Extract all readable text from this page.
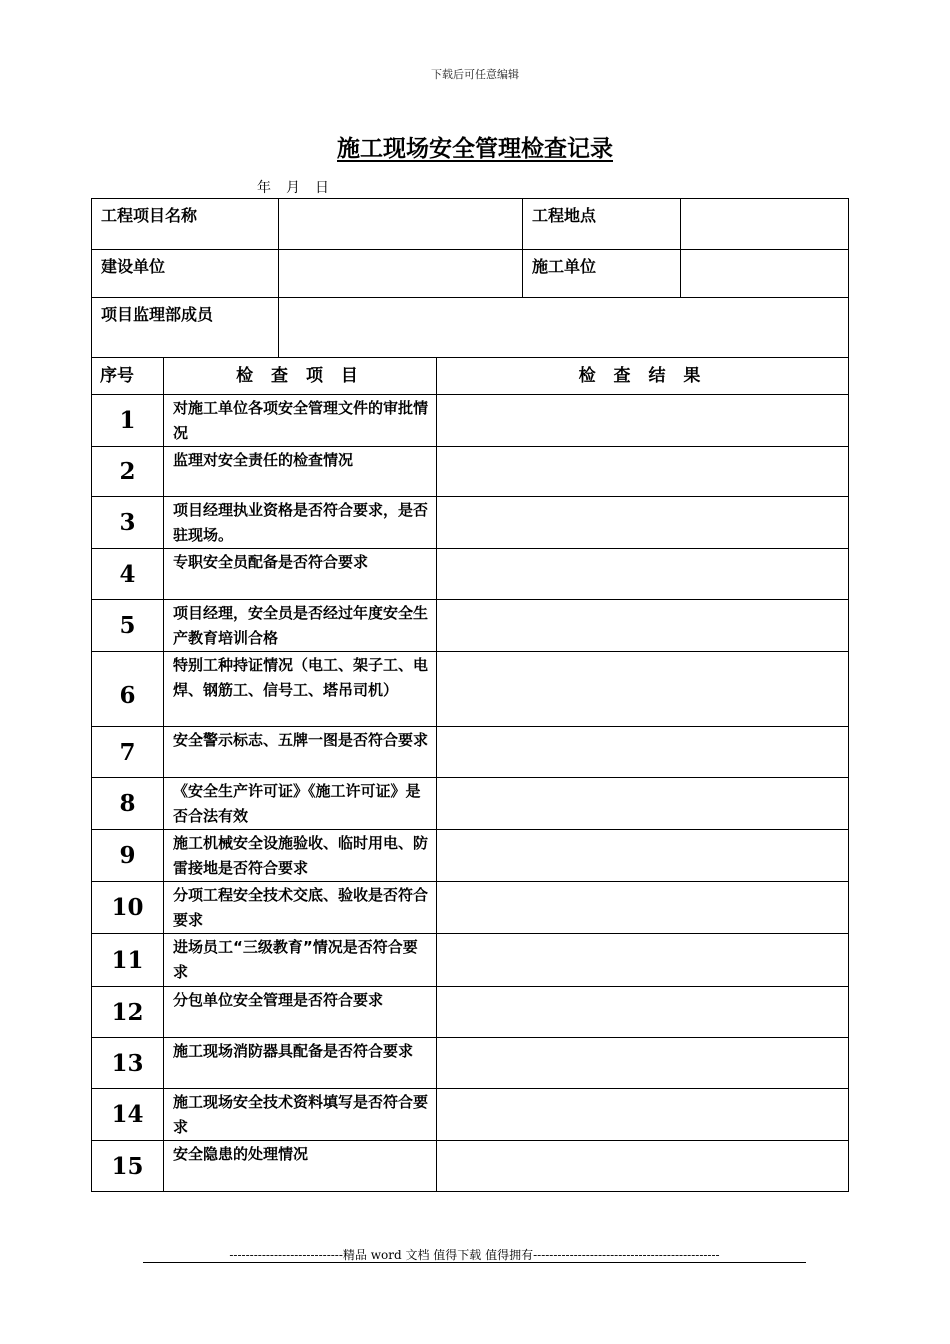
下载后可任意编辑
施工现场安全管理检查记录
年 月 日
工程项目名称				工程地点	
建设单位				施工单位	
项目监理部成员					
序号	检 查 项 目		检 查 结 果		
1	对施工单位各项安全管理文件的审批情况				
2	监理对安全责任的检查情况				
3	项目经理执业资格是否符合要求，是否驻现场。				
4	专职安全员配备是否符合要求				
5	项目经理，安全员是否经过年度安全生产教育培训合格				
6	特别工种持证情况（电工、架子工、电焊、钢筋工、信号工、塔吊司机）				
7	安全警示标志、五牌一图是否符合要求				
8	《安全生产许可证》《施工许可证》是否合法有效				
9	施工机械安全设施验收、临时用电、防雷接地是否符合要求				
10	分项工程安全技术交底、验收是否符合要求				
11	进场员工“三级教育”情况是否符合要求				
12	分包单位安全管理是否符合要求				
13	施工现场消防器具配备是否符合要求				
14	施工现场安全技术资料填写是否符合要求				
15	安全隐患的处理情况				
----------------------------精品 word 文档 值得下载 值得拥有----------------------------------------------
